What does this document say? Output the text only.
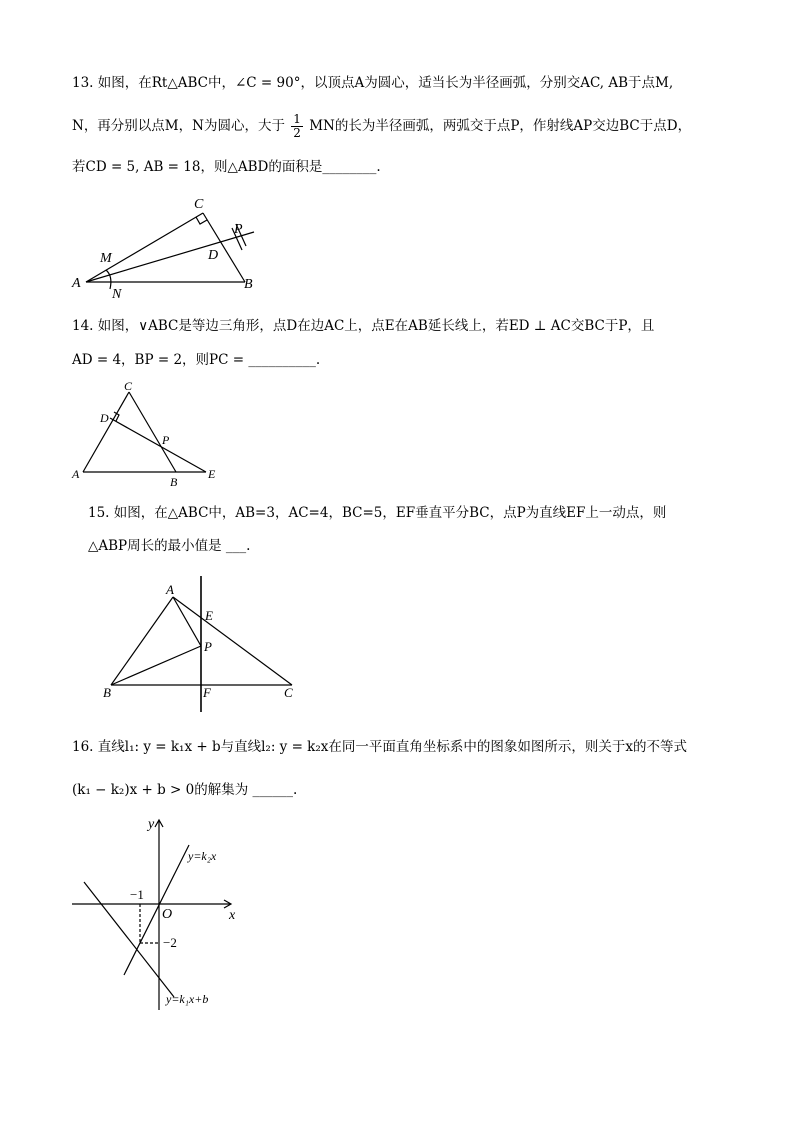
13. 如图，在Rt△ABC中，∠C = 90°，以顶点A为圆心，适当长为半径画弧，分别交AC, AB于点M,
N，再分别以点M，N为圆心，大于 $\frac{1}{2}$ MN的长为半径画弧，两弧交于点P，作射线AP交边BC于点D，
若CD = 5, AB = 18，则△ABD的面积是________.
C
P
M	D
A	B
N
14. 如图，∨ABC是等边三角形，点D在边AC上，点E在AB延长线上，若ED ⊥ AC交BC于P，且
AD = 4，BP = 2，则PC = __________.
C
D
P
A
B
E
15. 如图，在△ABC中，AB=3，AC=4，BC=5，EF垂直平分BC，点P为直线EF上一动点，则
△ABP周长的最小值是 ___.
A
E
P
B	F	C
16. 直线l₁: y = k₁x + b与直线l₂: y = k₂x在同一平面直角坐标系中的图象如图所示，则关于x的不等式
(k₁ − k₂)x + b > 0的解集为 ______.
y
x
O
−1
−2
y=k₂x
y=k₁x+b
